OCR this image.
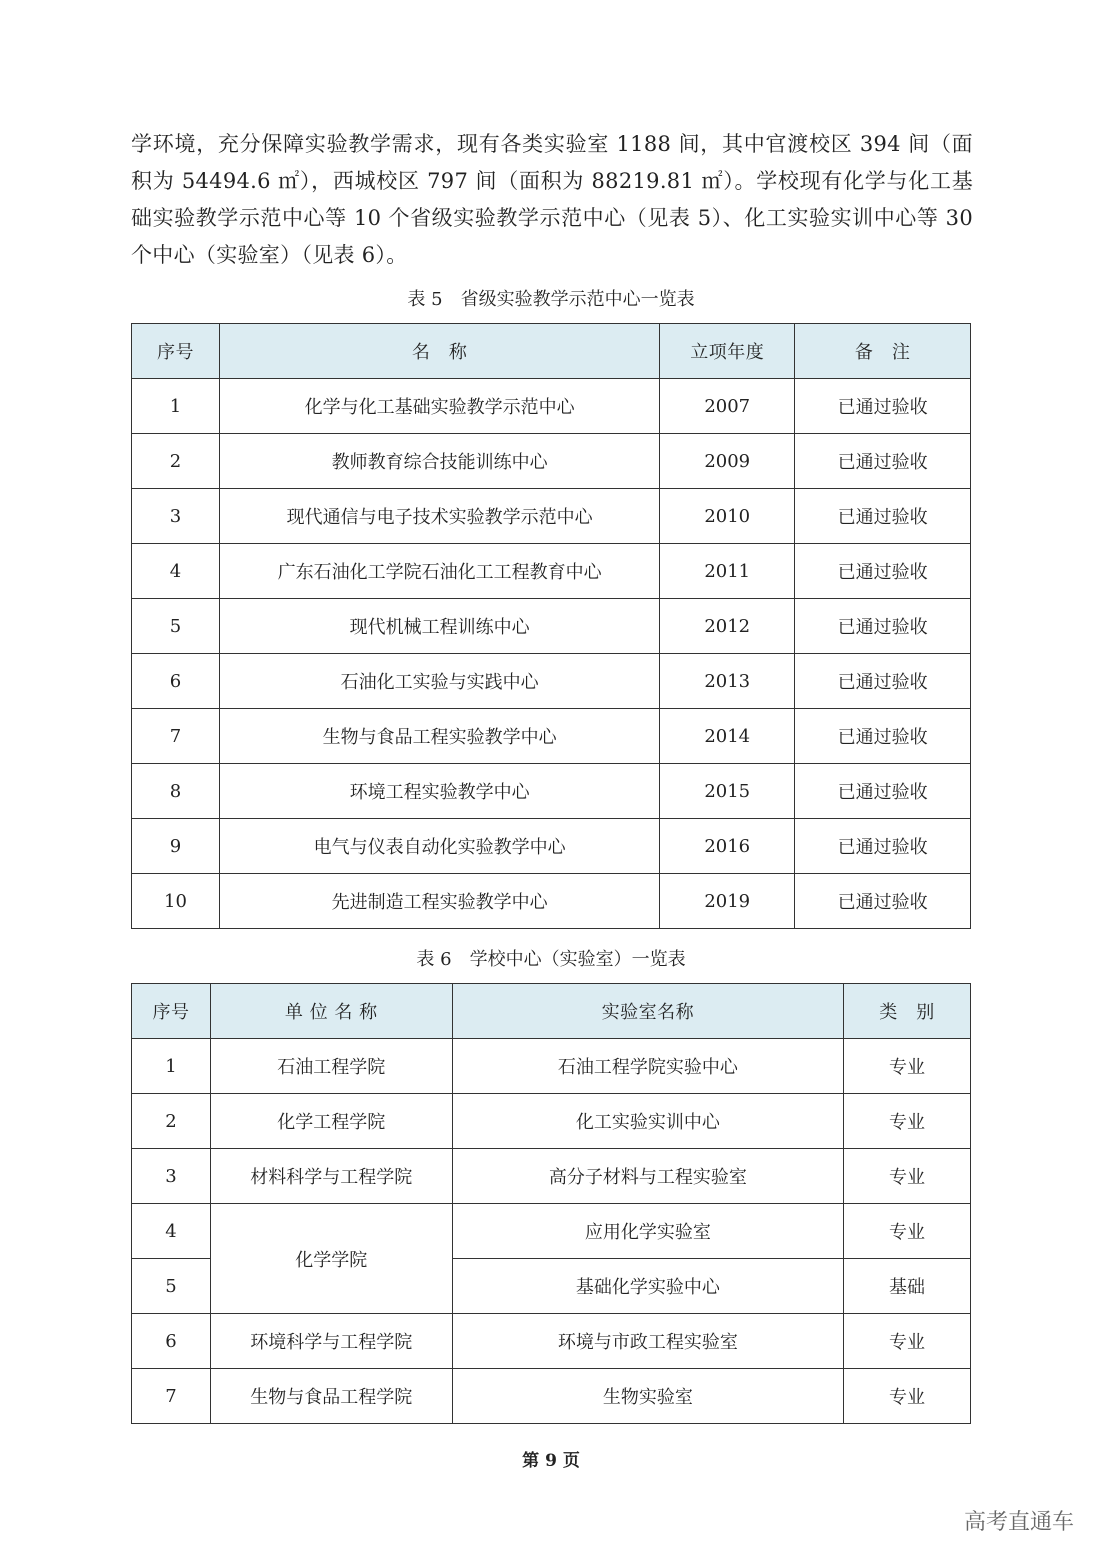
学环境，充分保障实验教学需求，现有各类实验室 1188 间，其中官渡校区 394 间（面积为 54494.6 ㎡），西城校区 797 间（面积为 88219.81 ㎡）。学校现有化学与化工基础实验教学示范中心等 10 个省级实验教学示范中心（见表 5）、化工实验实训中心等 30 个中心（实验室）（见表 6）。

表 5　省级实验教学示范中心一览表
序号	名　称	立项年度	备　注
1	化学与化工基础实验教学示范中心	2007	已通过验收
2	教师教育综合技能训练中心	2009	已通过验收
3	现代通信与电子技术实验教学示范中心	2010	已通过验收
4	广东石油化工学院石油化工工程教育中心	2011	已通过验收
5	现代机械工程训练中心	2012	已通过验收
6	石油化工实验与实践中心	2013	已通过验收
7	生物与食品工程实验教学中心	2014	已通过验收
8	环境工程实验教学中心	2015	已通过验收
9	电气与仪表自动化实验教学中心	2016	已通过验收
10	先进制造工程实验教学中心	2019	已通过验收
表 6　学校中心（实验室）一览表
序号	单 位 名 称	实验室名称	类　别
1	石油工程学院	石油工程学院实验中心	专业
2	化学工程学院	化工实验实训中心	专业
3	材料科学与工程学院	高分子材料与工程实验室	专业
4	化学学院	应用化学实验室	专业
5		基础化学实验中心	基础
6	环境科学与工程学院	环境与市政工程实验室	专业
7	生物与食品工程学院	生物实验室	专业
第 9 页
高考直通车
